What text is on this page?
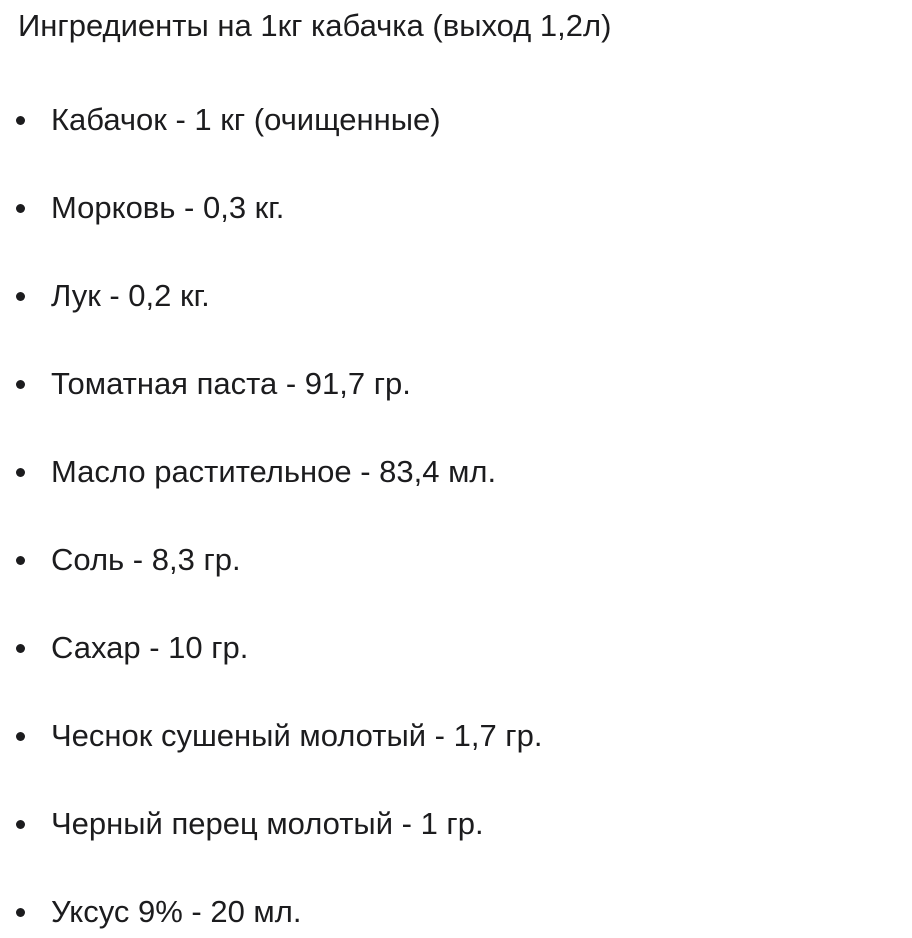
Ингредиенты на 1кг кабачка (выход 1,2л)
Кабачок - 1 кг (очищенные)
Морковь - 0,3 кг.
Лук - 0,2 кг.
Томатная паста - 91,7 гр.
Масло растительное - 83,4 мл.
Соль - 8,3 гр.
Сахар - 10 гр.
Чеснок сушеный молотый - 1,7 гр.
Черный перец молотый - 1 гр.
Уксус 9% - 20 мл.
